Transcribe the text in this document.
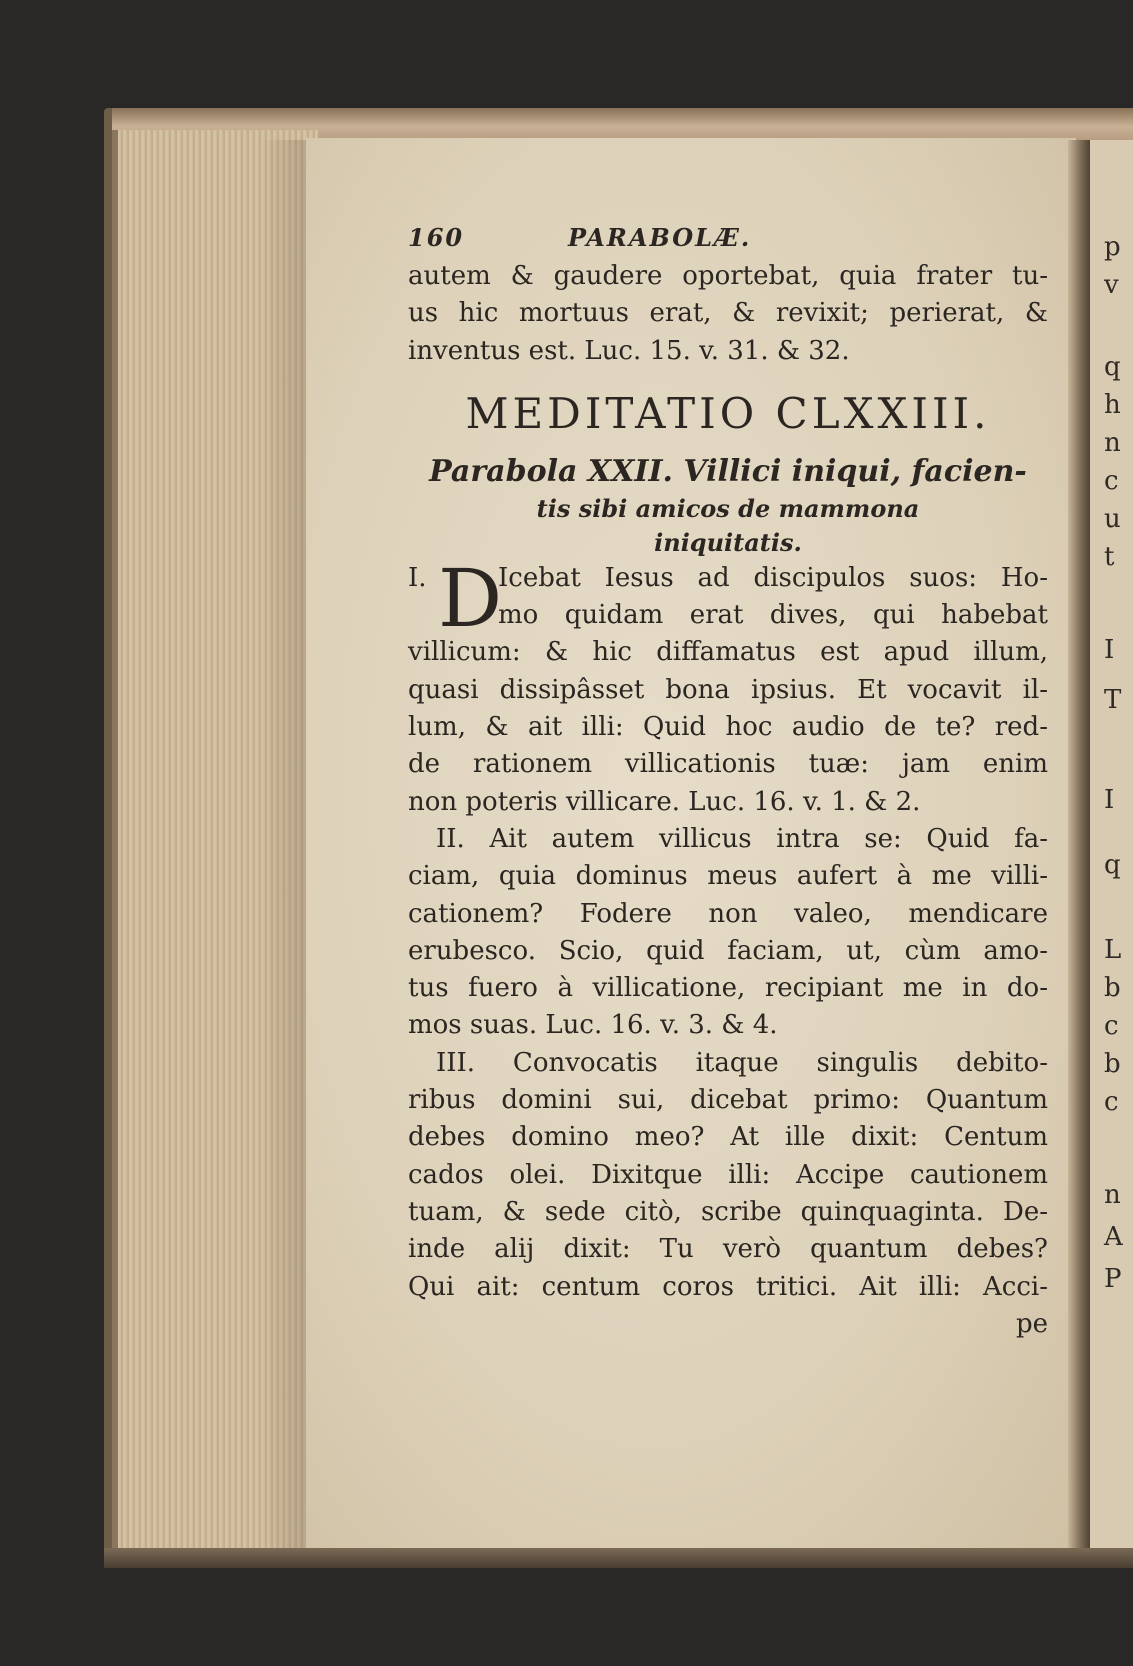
p
v
q
h
n
c
u
t
I
T
I
q
L
b
c
b
c
n
A
P
160	PARABOLÆ.
autem & gaudere oportebat, quia frater tu-
us hic mortuus erat, & revixit; perierat, &
inventus est. Luc. 15. v. 31. & 32.
MEDITATIO CLXXIII.
Parabola XXII. Villici iniqui, facien-
tis sibi amicos de mammona
iniquitatis.
I. D
Icebat Iesus ad discipulos suos: Ho-
mo quidam erat dives, qui habebat
villicum: & hic diffamatus est apud illum,
quasi dissipâsset bona ipsius. Et vocavit il-
lum, & ait illi: Quid hoc audio de te? red-
de rationem villicationis tuæ: jam enim
non poteris villicare. Luc. 16. v. 1. & 2.
II. Ait autem villicus intra se: Quid fa-
ciam, quia dominus meus aufert à me villi-
cationem? Fodere non valeo, mendicare
erubesco. Scio, quid faciam, ut, cùm amo-
tus fuero à villicatione, recipiant me in do-
mos suas. Luc. 16. v. 3. & 4.
III. Convocatis itaque singulis debito-
ribus domini sui, dicebat primo: Quantum
debes domino meo? At ille dixit: Centum
cados olei. Dixitque illi: Accipe cautionem
tuam, & sede citò, scribe quinquaginta. De-
inde alij dixit: Tu verò quantum debes?
Qui ait: centum coros tritici. Ait illi: Acci-
pe
